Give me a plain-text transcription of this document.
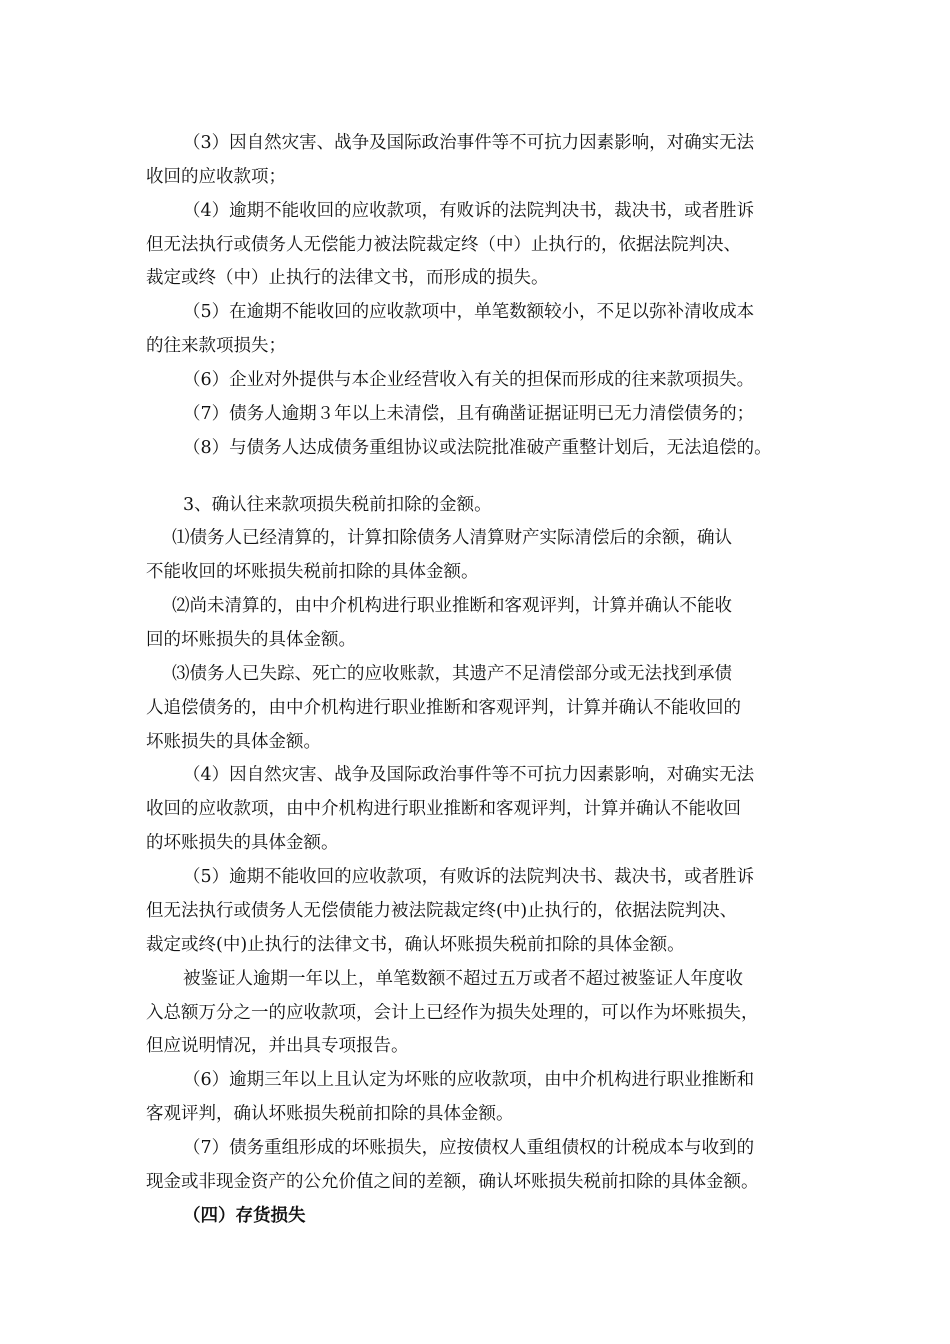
（3）因自然灾害、战争及国际政治事件等不可抗力因素影响，对确实无法
收回的应收款项；
（4）逾期不能收回的应收款项，有败诉的法院判决书，裁决书，或者胜诉
但无法执行或债务人无偿能力被法院裁定终（中）止执行的，依据法院判决、
裁定或终（中）止执行的法律文书，而形成的损失。
（5）在逾期不能收回的应收款项中，单笔数额较小，不足以弥补清收成本
的往来款项损失；
（6）企业对外提供与本企业经营收入有关的担保而形成的往来款项损失。
（7）债务人逾期３年以上未清偿，且有确凿证据证明已无力清偿债务的；
（8）与债务人达成债务重组协议或法院批准破产重整计划后，无法追偿的。
3、确认往来款项损失税前扣除的金额。
⑴债务人已经清算的，计算扣除债务人清算财产实际清偿后的余额，确认
不能收回的坏账损失税前扣除的具体金额。
⑵尚未清算的，由中介机构进行职业推断和客观评判，计算并确认不能收
回的坏账损失的具体金额。
⑶债务人已失踪、死亡的应收账款，其遗产不足清偿部分或无法找到承债
人追偿债务的，由中介机构进行职业推断和客观评判，计算并确认不能收回的
坏账损失的具体金额。
（4）因自然灾害、战争及国际政治事件等不可抗力因素影响，对确实无法
收回的应收款项，由中介机构进行职业推断和客观评判，计算并确认不能收回
的坏账损失的具体金额。
（5）逾期不能收回的应收款项，有败诉的法院判决书、裁决书，或者胜诉
但无法执行或债务人无偿债能力被法院裁定终(中)止执行的，依据法院判决、
裁定或终(中)止执行的法律文书，确认坏账损失税前扣除的具体金额。
被鉴证人逾期一年以上，单笔数额不超过五万或者不超过被鉴证人年度收
入总额万分之一的应收款项，会计上已经作为损失处理的，可以作为坏账损失，
但应说明情况，并出具专项报告。
（6）逾期三年以上且认定为坏账的应收款项，由中介机构进行职业推断和
客观评判，确认坏账损失税前扣除的具体金额。
（7）债务重组形成的坏账损失，应按债权人重组债权的计税成本与收到的
现金或非现金资产的公允价值之间的差额，确认坏账损失税前扣除的具体金额。
（四）存货损失
